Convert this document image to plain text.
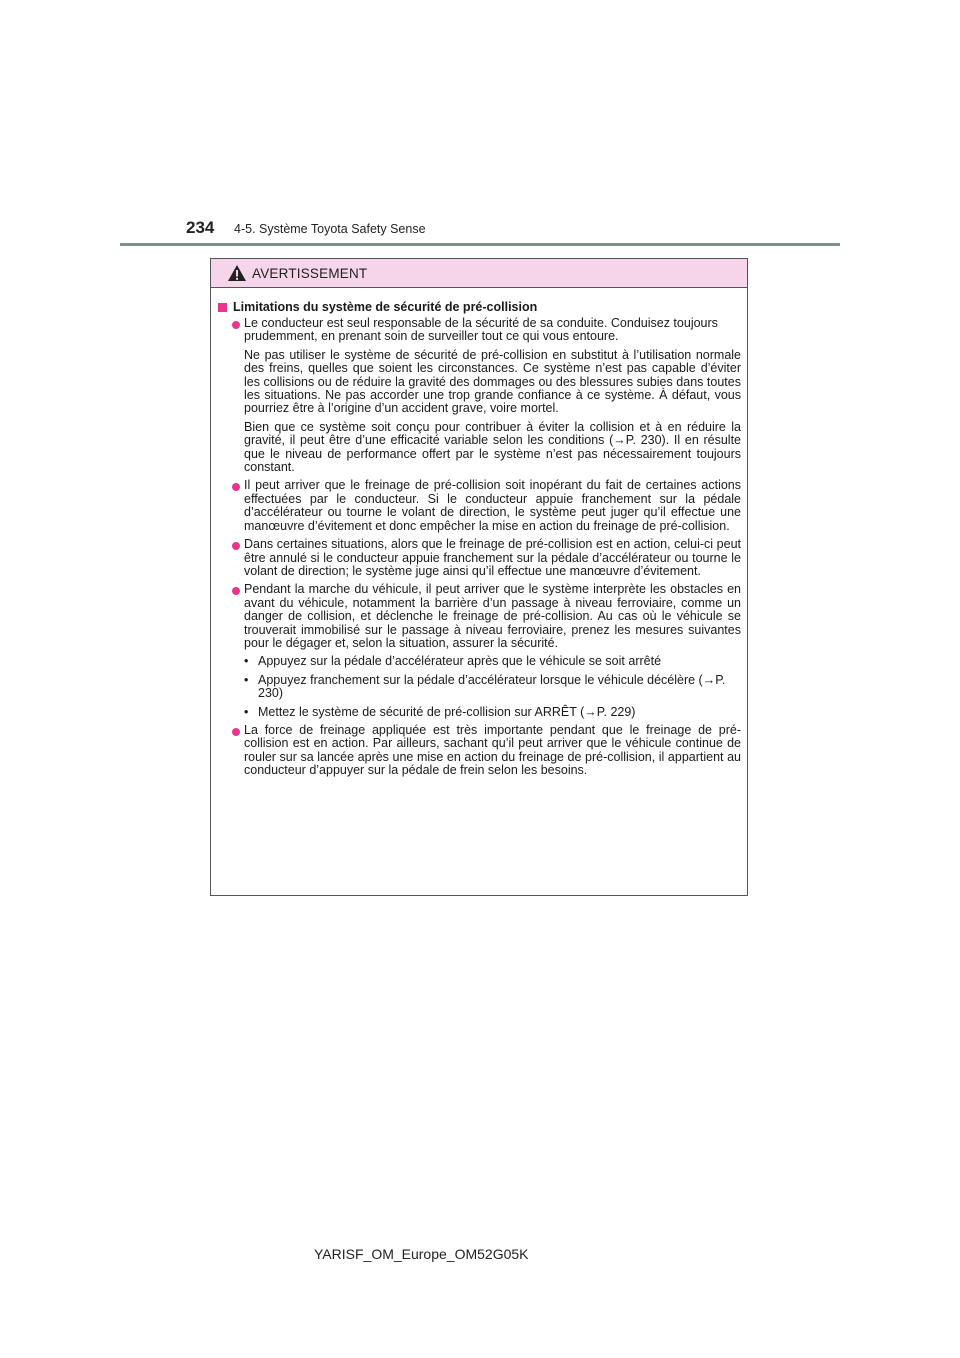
234 4-5. Système Toyota Safety Sense
AVERTISSEMENT
Limitations du système de sécurité de pré-collision

Le conducteur est seul responsable de la sécurité de sa conduite. Conduisez toujours prudemment, en prenant soin de surveiller tout ce qui vous entoure.

Ne pas utiliser le système de sécurité de pré-collision en substitut à l’utilisation normale des freins, quelles que soient les circonstances. Ce système n’est pas capable d’éviter les collisions ou de réduire la gravité des dommages ou des blessures subies dans toutes les situations. Ne pas accorder une trop grande confiance à ce système. À défaut, vous pourriez être à l’origine d’un accident grave, voire mortel.

Bien que ce système soit conçu pour contribuer à éviter la collision et à en réduire la gravité, il peut être d’une efficacité variable selon les conditions (→P. 230). Il en résulte que le niveau de performance offert par le système n’est pas nécessairement toujours constant.

Il peut arriver que le freinage de pré-collision soit inopérant du fait de certaines actions effectuées par le conducteur. Si le conducteur appuie franchement sur la pédale d’accélérateur ou tourne le volant de direction, le système peut juger qu’il effectue une manœuvre d’évitement et donc empêcher la mise en action du freinage de pré-collision.

Dans certaines situations, alors que le freinage de pré-collision est en action, celui-ci peut être annulé si le conducteur appuie franchement sur la pédale d’accélérateur ou tourne le volant de direction; le système juge ainsi qu’il effectue une manœuvre d’évitement.

Pendant la marche du véhicule, il peut arriver que le système interprète les obstacles en avant du véhicule, notamment la barrière d’un passage à niveau ferroviaire, comme un danger de collision, et déclenche le freinage de pré-collision. Au cas où le véhicule se trouverait immobilisé sur le passage à niveau ferroviaire, prenez les mesures suivantes pour le dégager et, selon la situation, assurer la sécurité.

• Appuyez sur la pédale d’accélérateur après que le véhicule se soit arrêté
• Appuyez franchement sur la pédale d’accélérateur lorsque le véhicule décélère (→P. 230)
• Mettez le système de sécurité de pré-collision sur ARRÊT (→P. 229)

La force de freinage appliquée est très importante pendant que le freinage de pré-collision est en action. Par ailleurs, sachant qu’il peut arriver que le véhicule continue de rouler sur sa lancée après une mise en action du freinage de pré-collision, il appartient au conducteur d’appuyer sur la pédale de frein selon les besoins.

YARISF_OM_Europe_OM52G05K
